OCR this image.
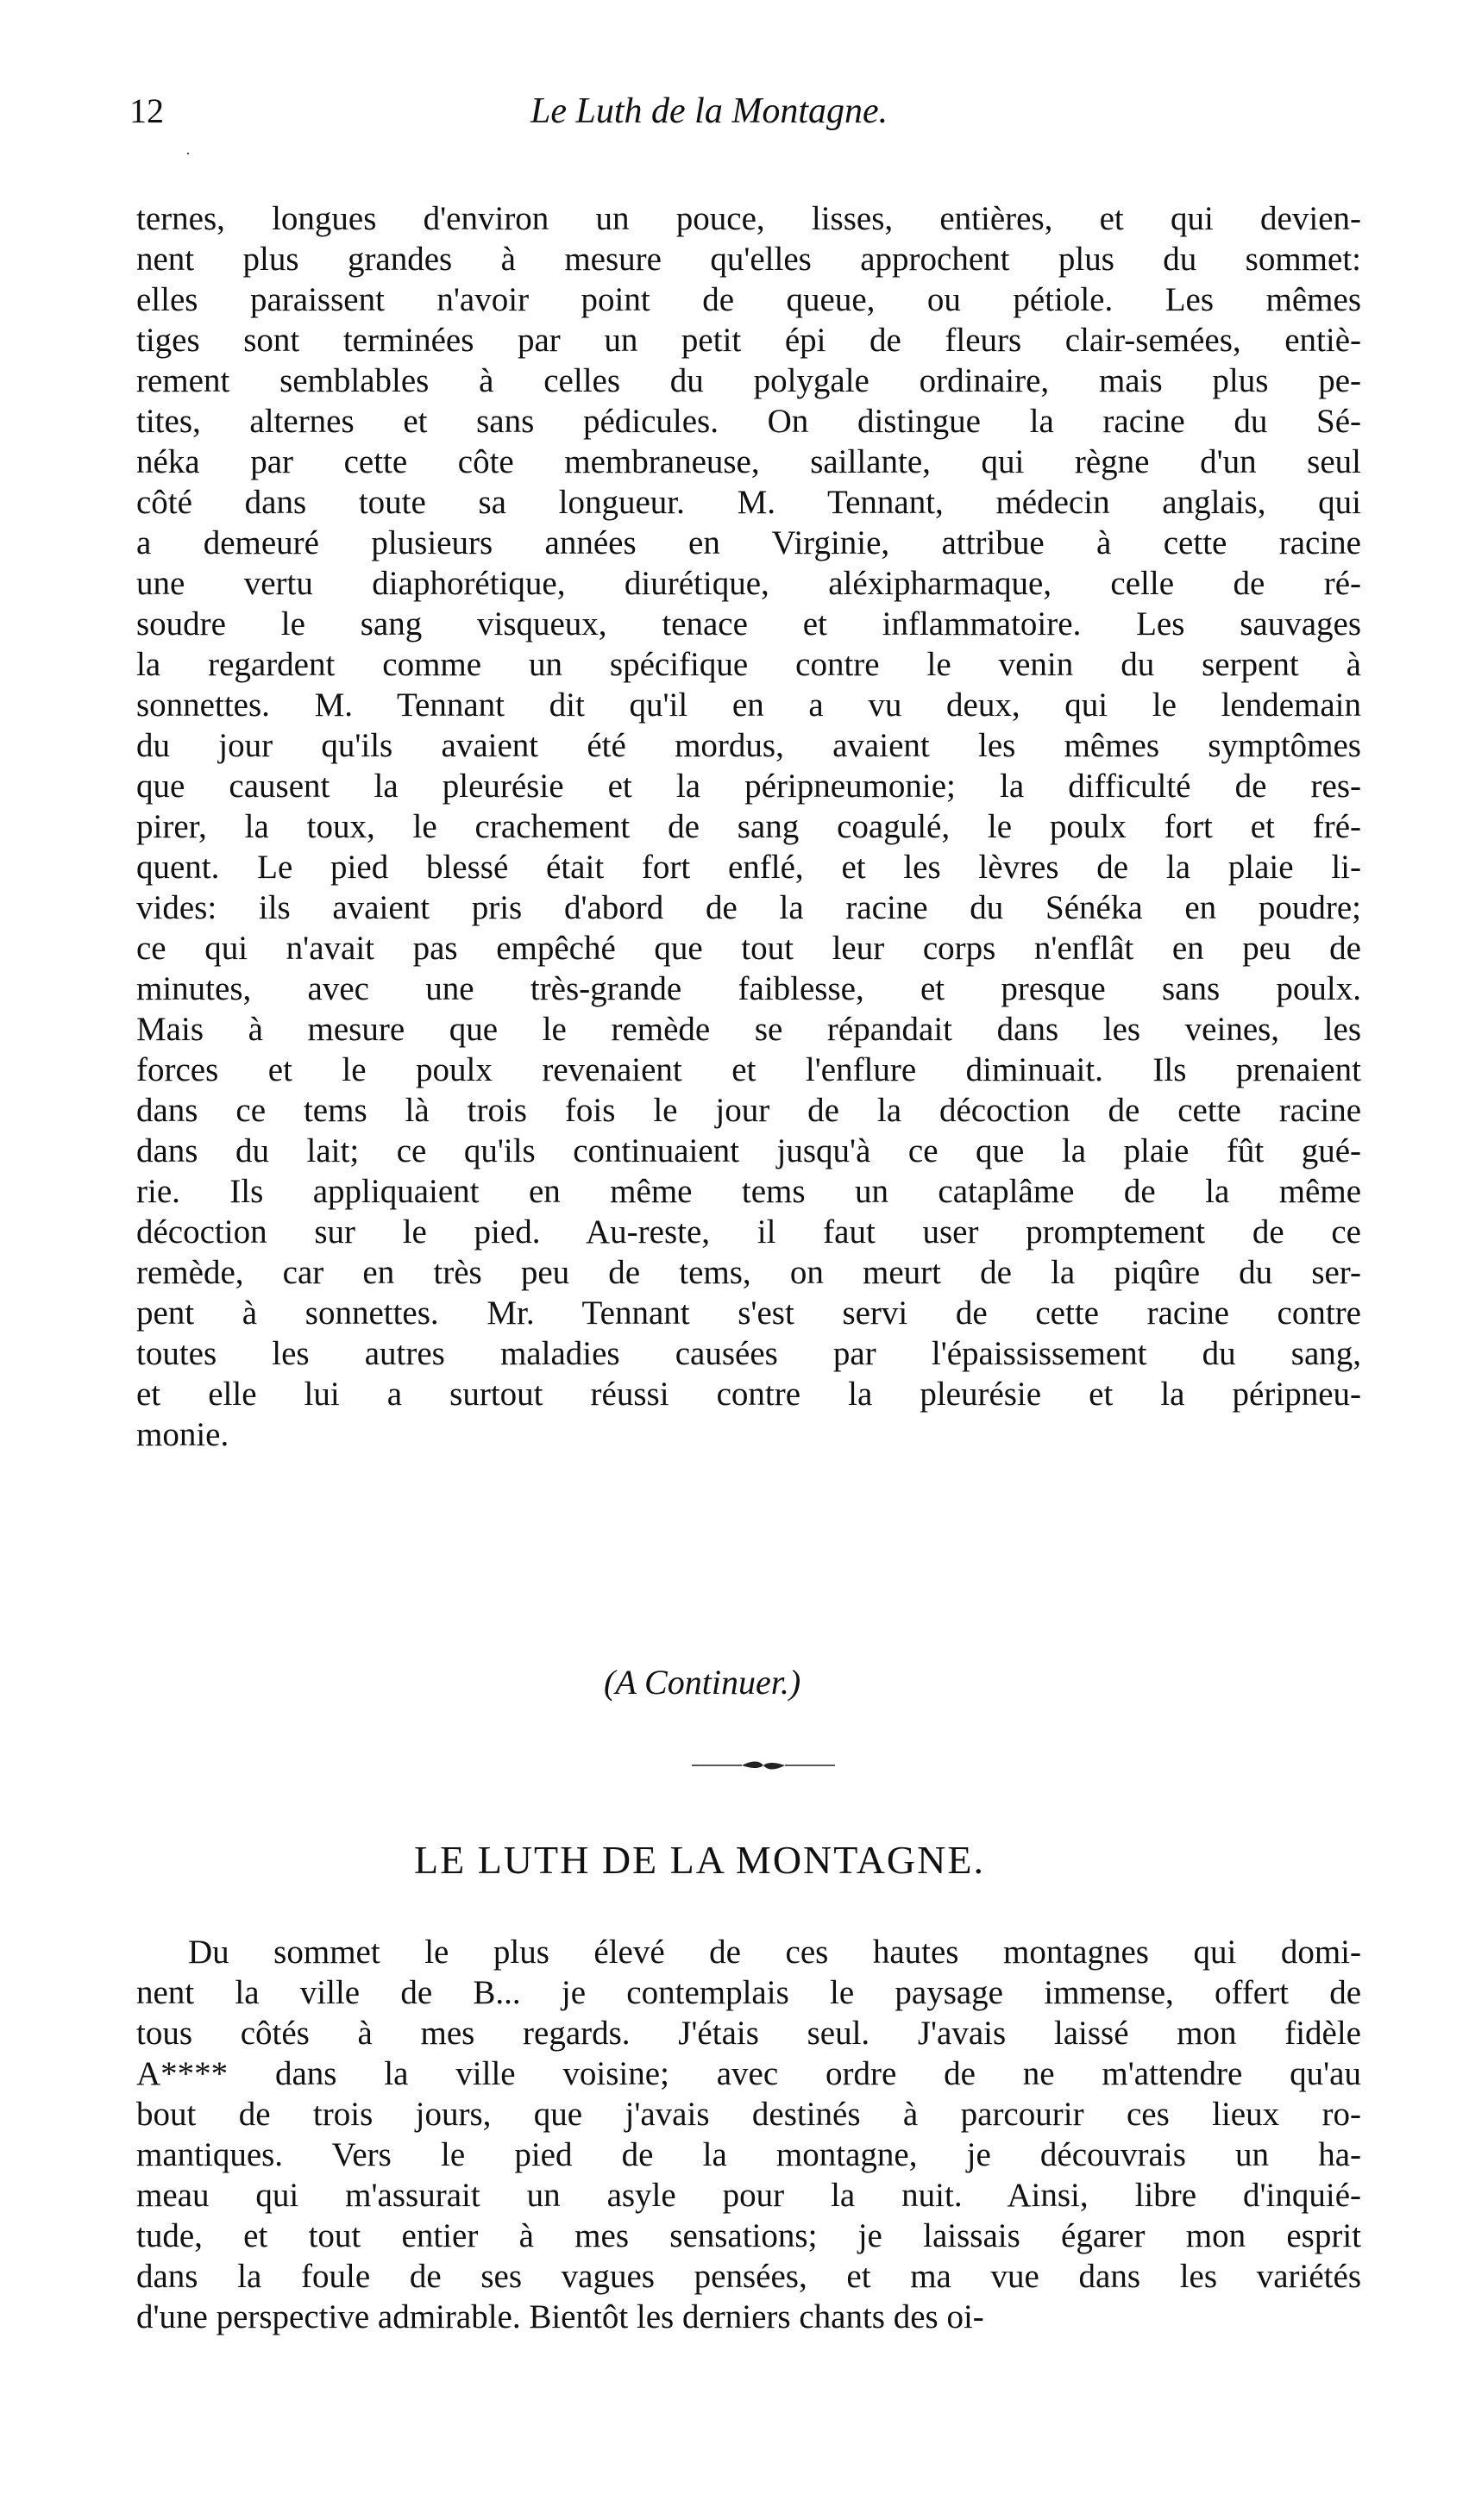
12	Le Luth de la Montagne.
ternes, longues d'environ un pouce, lisses, entières, et qui devien-
nent plus grandes à mesure qu'elles approchent plus du sommet:
elles paraissent n'avoir point de queue, ou pétiole. Les mêmes
tiges sont terminées par un petit épi de fleurs clair-semées, entiè-
rement semblables à celles du polygale ordinaire, mais plus pe-
tites, alternes et sans pédicules. On distingue la racine du Sé-
néka par cette côte membraneuse, saillante, qui règne d'un seul
côté dans toute sa longueur. M. Tennant, médecin anglais, qui
a demeuré plusieurs années en Virginie, attribue à cette racine
une vertu diaphorétique, diurétique, aléxipharmaque, celle de ré-
soudre le sang visqueux, tenace et inflammatoire. Les sauvages
la regardent comme un spécifique contre le venin du serpent à
sonnettes. M. Tennant dit qu'il en a vu deux, qui le lendemain
du jour qu'ils avaient été mordus, avaient les mêmes symptômes
que causent la pleurésie et la péripneumonie; la difficulté de res-
pirer, la toux, le crachement de sang coagulé, le poulx fort et fré-
quent. Le pied blessé était fort enflé, et les lèvres de la plaie li-
vides: ils avaient pris d'abord de la racine du Sénéka en poudre;
ce qui n'avait pas empêché que tout leur corps n'enflât en peu de
minutes, avec une très-grande faiblesse, et presque sans poulx.
Mais à mesure que le remède se répandait dans les veines, les
forces et le poulx revenaient et l'enflure diminuait. Ils prenaient
dans ce tems là trois fois le jour de la décoction de cette racine
dans du lait; ce qu'ils continuaient jusqu'à ce que la plaie fût gué-
rie. Ils appliquaient en même tems un cataplâme de la même
décoction sur le pied. Au-reste, il faut user promptement de ce
remède, car en très peu de tems, on meurt de la piqûre du ser-
pent à sonnettes. Mr. Tennant s'est servi de cette racine contre
toutes les autres maladies causées par l'épaississement du sang,
et elle lui a surtout réussi contre la pleurésie et la péripneu-
monie.
(A Continuer.)
LE LUTH DE LA MONTAGNE.
Du sommet le plus élevé de ces hautes montagnes qui domi-
nent la ville de B... je contemplais le paysage immense, offert de
tous côtés à mes regards. J'étais seul. J'avais laissé mon fidèle
A**** dans la ville voisine; avec ordre de ne m'attendre qu'au
bout de trois jours, que j'avais destinés à parcourir ces lieux ro-
mantiques. Vers le pied de la montagne, je découvrais un ha-
meau qui m'assurait un asyle pour la nuit. Ainsi, libre d'inquié-
tude, et tout entier à mes sensations; je laissais égarer mon esprit
dans la foule de ses vagues pensées, et ma vue dans les variétés
d'une perspective admirable. Bientôt les derniers chants des oi-
